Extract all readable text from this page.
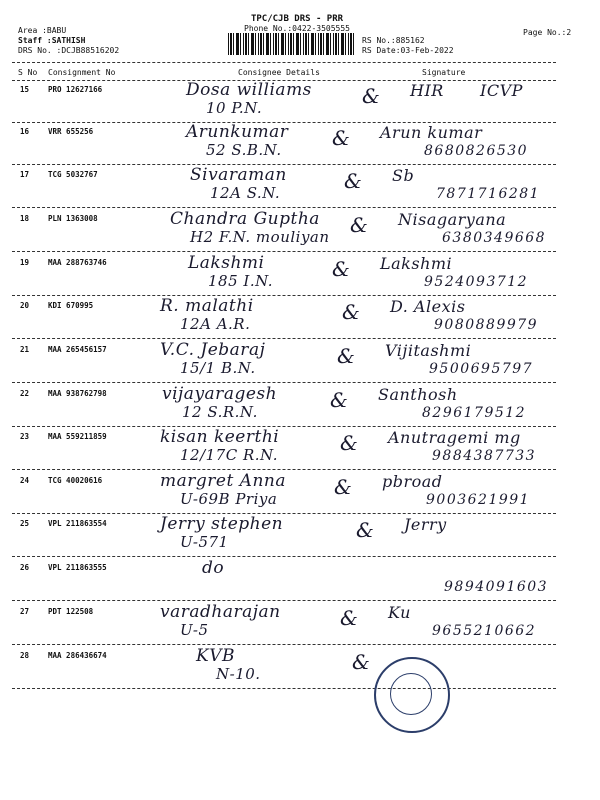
Area :BABU
Staff :SATHISH
DRS No. :DCJB88516202
TPC/CJB DRS - PRR
Phone No.:0422-3505555	Page No.:2
RS No.:885162
RS Date:03-Feb-2022
S No Consignment No	Consignee Details	Signature
15	PRO 12627166	Dosa williams
10 P.N.	& HIR ICVP
16	VRR 655256	Arunkumar
52 S.B.N.	& Arun kumar
8680826530
17	TCG 5032767	Sivaraman
12A S.N.	& Sb
7871716281
18	PLN 1363008	Chandra Guptha
H2 F.N. mouliyan & Nisagaryana
6380349668
19	MAA 288763746	Lakshmi
185 I.N.	& Lakshmi
9524093712
20	KDI 670995	R. malathi
12A A.R.	& D. Alexis
9080889979
21	MAA 265456157	V.C. Jebaraj
15/1 B.N.	& Vijitashmi
9500695797
22	MAA 938762798	vijayaragesh
12 S.R.N.	& Santhosh
8296179512
23	MAA 559211859	kisan keerthi
12/17C R.N.	& Anutragemi mg
9884387733
24	TCG 40020616	margret Anna
U-69B Priya	& pbroad
9003621991
25	VPL 211863554	Jerry stephen
U-571	& Jerry
26	VPL 211863555	do
9894091603
27	PDT 122508	varadharajan
U-5	& Ku
9655210662
28	MAA 286436674	KVB
N-10.	&
